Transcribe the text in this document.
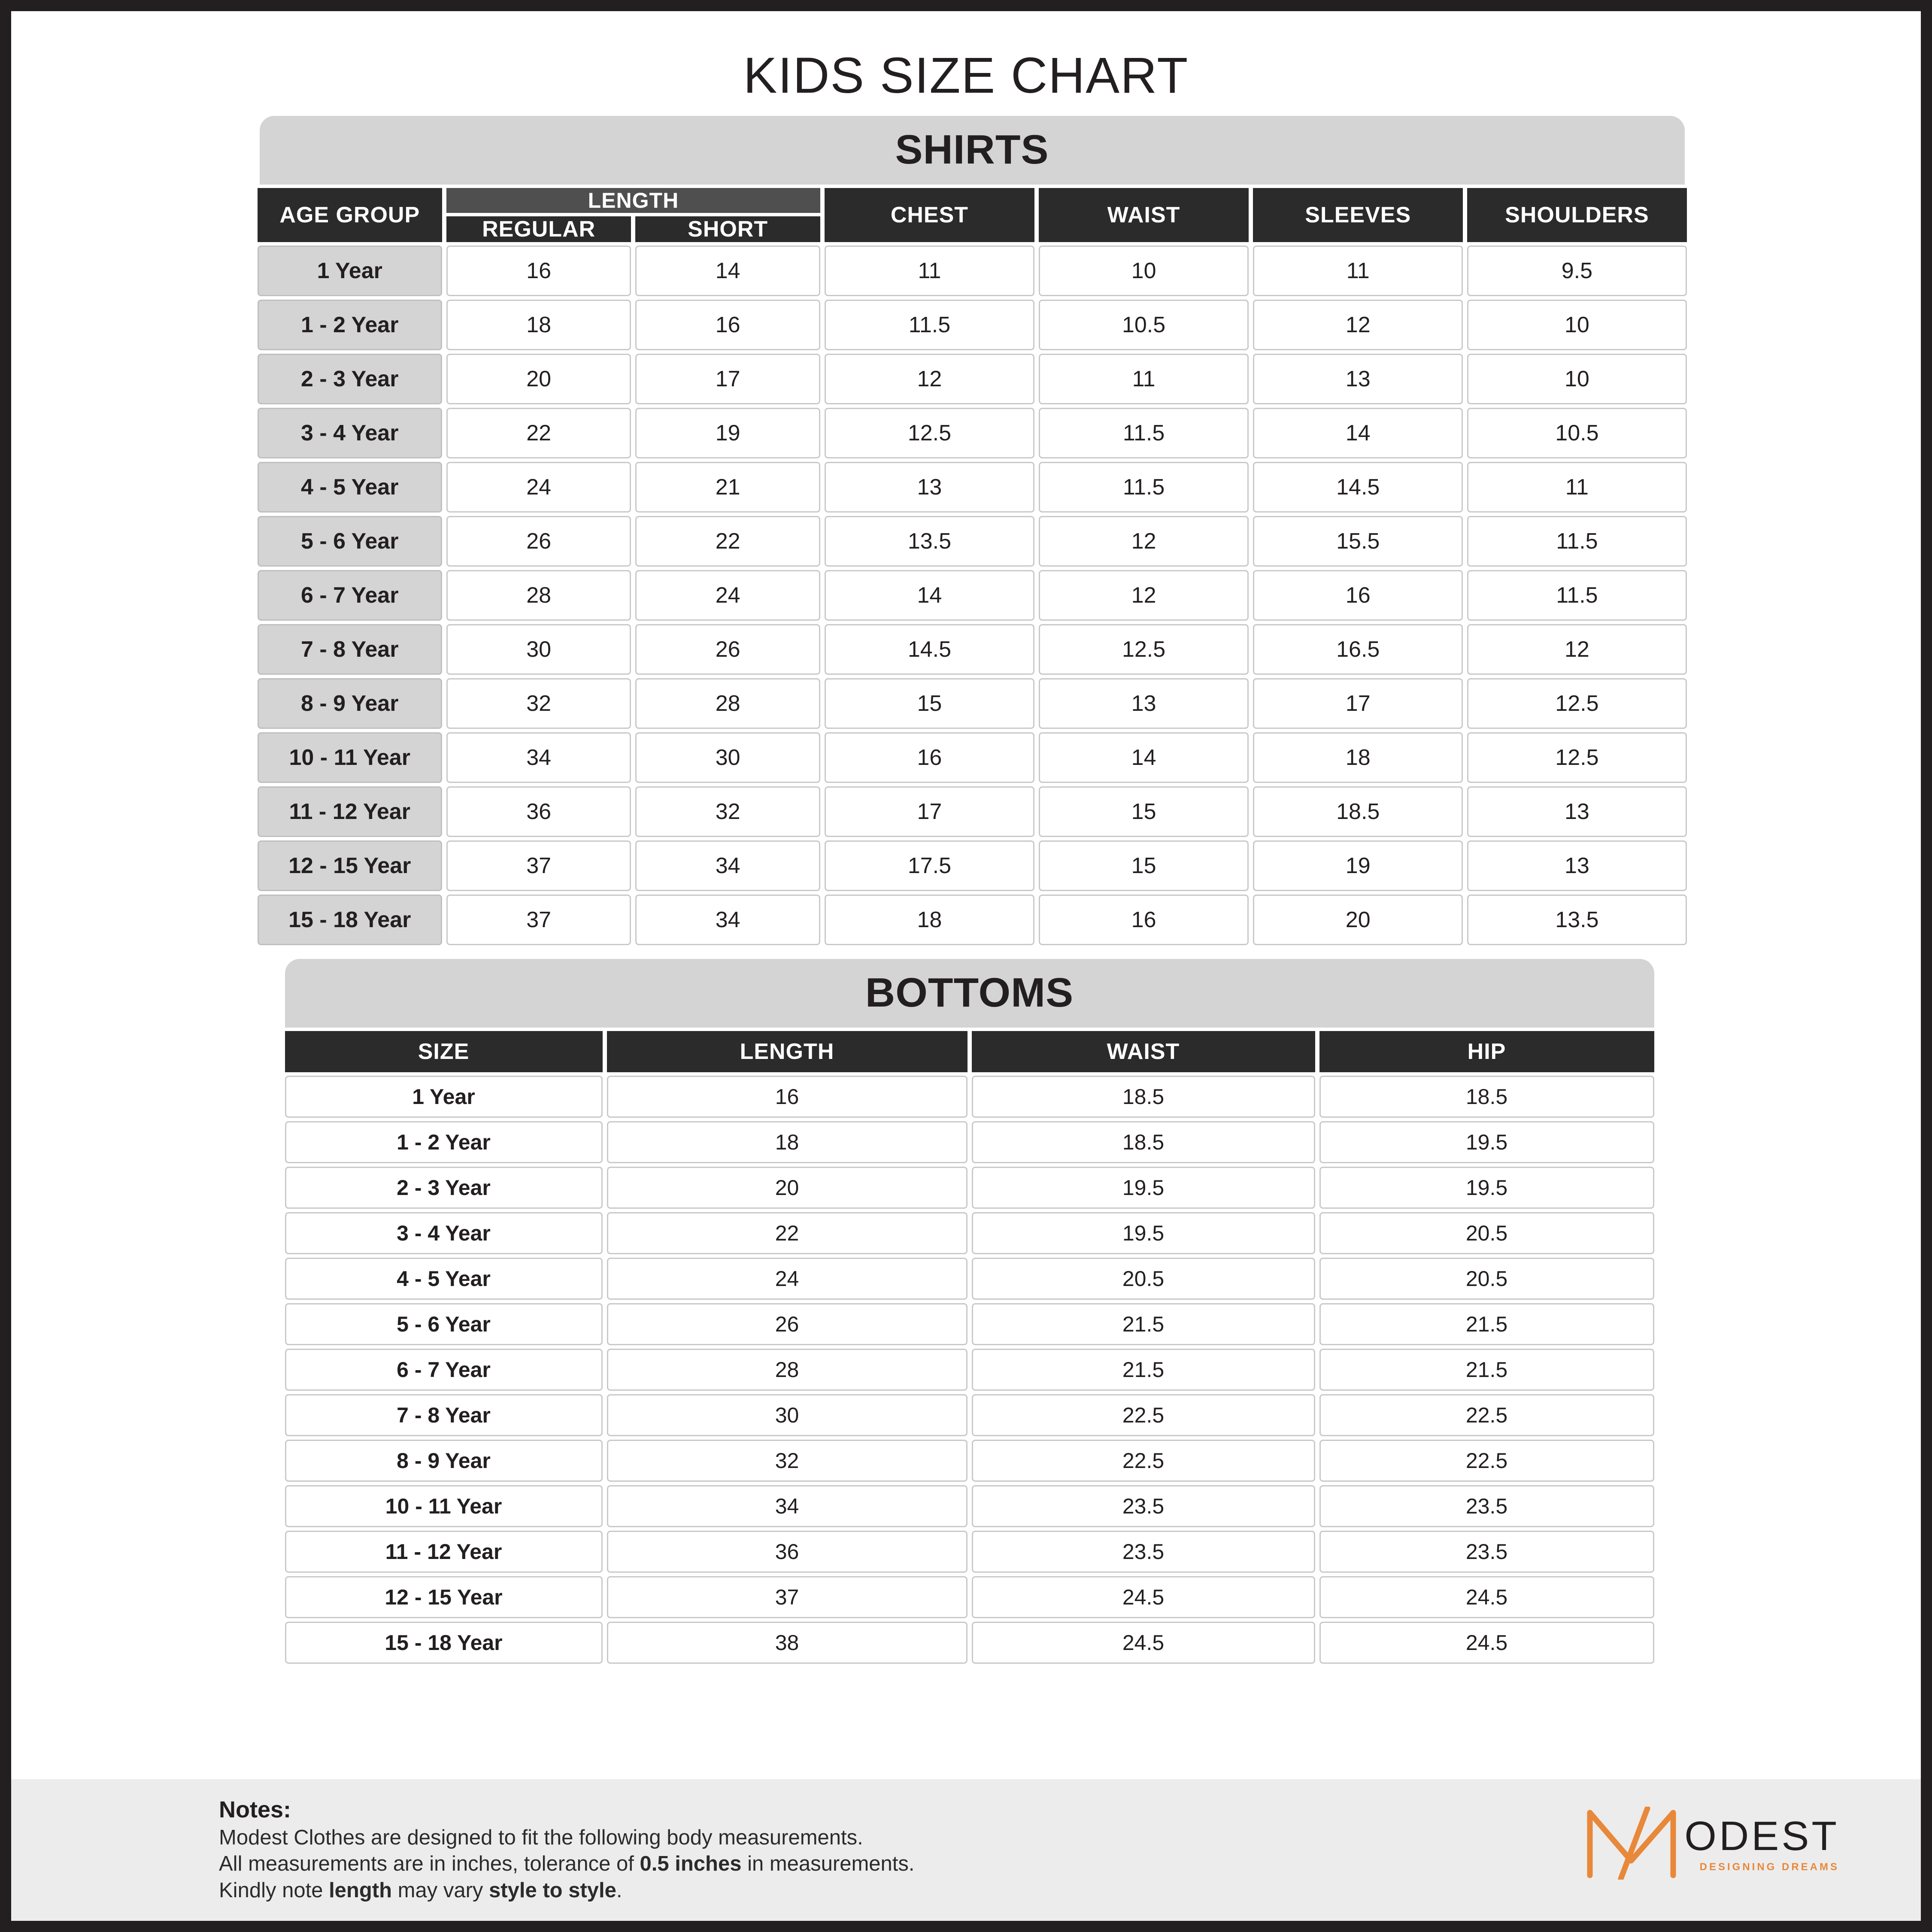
KIDS SIZE CHART
SHIRTS
AGE GROUP	LENGTH		CHEST	WAIST	SLEEVES	SHOULDERS
	REGULAR	SHORT				
1 Year	16	14	11	10	11	9.5
1 - 2 Year	18	16	11.5	10.5	12	10
2 - 3 Year	20	17	12	11	13	10
3 - 4 Year	22	19	12.5	11.5	14	10.5
4 - 5 Year	24	21	13	11.5	14.5	11
5 - 6 Year	26	22	13.5	12	15.5	11.5
6 - 7 Year	28	24	14	12	16	11.5
7 - 8 Year	30	26	14.5	12.5	16.5	12
8 - 9 Year	32	28	15	13	17	12.5
10 - 11 Year	34	30	16	14	18	12.5
11 - 12 Year	36	32	17	15	18.5	13
12 - 15 Year	37	34	17.5	15	19	13
15 - 18 Year	37	34	18	16	20	13.5
BOTTOMS
SIZE	LENGTH	WAIST	HIP
1 Year	16	18.5	18.5
1 - 2 Year	18	18.5	19.5
2 - 3 Year	20	19.5	19.5
3 - 4 Year	22	19.5	20.5
4 - 5 Year	24	20.5	20.5
5 - 6 Year	26	21.5	21.5
6 - 7 Year	28	21.5	21.5
7 - 8 Year	30	22.5	22.5
8 - 9 Year	32	22.5	22.5
10 - 11 Year	34	23.5	23.5
11 - 12 Year	36	23.5	23.5
12 - 15 Year	37	24.5	24.5
15 - 18 Year	38	24.5	24.5
Notes:
Modest Clothes are designed to fit the following body measurements.
All measurements are in inches, tolerance of 0.5 inches in measurements.
Kindly note length may vary style to style.
ODEST
DESIGNING DREAMS
